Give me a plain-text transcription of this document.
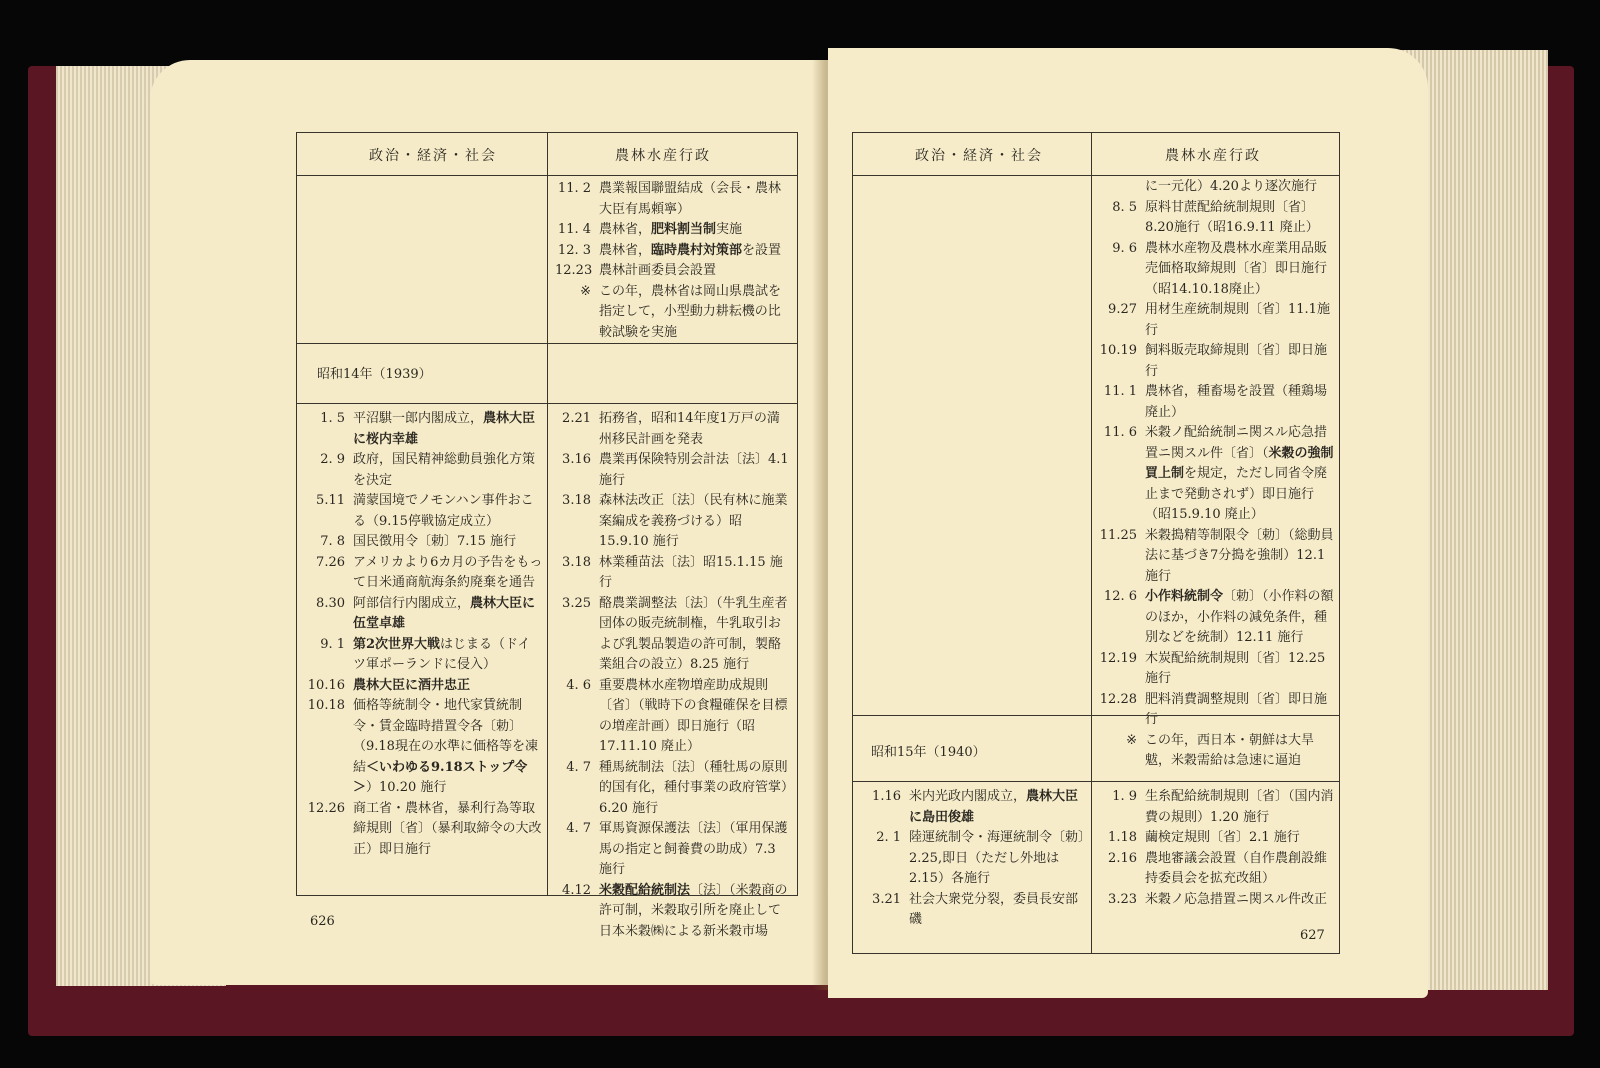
政治・経済・社会	農林水産行政

11. 2 農業報国聯盟結成（会長・農林大臣有馬頼寧）
11. 4 農林省，肥料割当制実施
12. 3 農林省，臨時農村対策部を設置
12.23 農林計画委員会設置
※ この年，農林省は岡山県農試を指定して，小型動力耕耘機の比較試験を実施
昭和14年（1939）
1. 5 平沼騏一郎内閣成立，農林大臣に桜内幸雄
2. 9 政府，国民精神総動員強化方策を決定
5.11 満蒙国境でノモンハン事件おこる（9.15停戦協定成立）
7. 8 国民徴用令〔勅〕7.15 施行
7.26 アメリカより6カ月の予告をもって日米通商航海条約廃棄を通告
8.30 阿部信行内閣成立，農林大臣に伍堂卓雄
9. 1 第2次世界大戦はじまる（ドイツ軍ポーランドに侵入）
10.16 農林大臣に酒井忠正
10.18 価格等統制令・地代家賃統制令・賃金臨時措置令各〔勅〕（9.18現在の水準に価格等を凍結＜いわゆる9.18ストップ令＞）10.20 施行
12.26 商工省・農林省，暴利行為等取締規則〔省〕（暴利取締令の大改正）即日施行
2.21 拓務省，昭和14年度1万戸の満州移民計画を発表
3.16 農業再保険特別会計法〔法〕4.1 施行
3.18 森林法改正〔法〕（民有林に施業案編成を義務づける）昭15.9.10 施行
3.18 林業種苗法〔法〕昭15.1.15 施行
3.25 酪農業調整法〔法〕（牛乳生産者団体の販売統制権，牛乳取引および乳製品製造の許可制，製酪業組合の設立）8.25 施行
4. 6 重要農林水産物増産助成規則〔省〕（戦時下の食糧確保を目標の増産計画）即日施行（昭17.11.10 廃止）
4. 7 種馬統制法〔法〕（種牡馬の原則的国有化，種付事業の政府管掌）6.20 施行
4. 7 軍馬資源保護法〔法〕（軍用保護馬の指定と飼養費の助成）7.3 施行
4.12 米穀配給統制法〔法〕（米穀商の許可制，米穀取引所を廃止して日本米穀㈱による新米穀市場
626
政治・経済・社会	農林水産行政
に一元化）4.20より逐次施行
8. 5 原料甘蔗配給統制規則〔省〕8.20施行（昭16.9.11 廃止）
9. 6 農林水産物及農林水産業用品販売価格取締規則〔省〕即日施行（昭14.10.18廃止）
9.27 用材生産統制規則〔省〕11.1施行
10.19 飼料販売取締規則〔省〕即日施行
11. 1 農林省，種畜場を設置（種鶏場廃止）
11. 6 米穀ノ配給統制ニ関スル応急措置ニ関スル件〔省〕（米穀の強制買上制を規定，ただし同省令廃止まで発動されず）即日施行（昭15.9.10 廃止）
11.25 米穀搗精等制限令〔勅〕（総動員法に基づき7分搗を強制）12.1 施行
12. 6 小作料統制令〔勅〕（小作料の額のほか，小作料の減免条件，種別などを統制）12.11 施行
12.19 木炭配給統制規則〔省〕12.25施行
12.28 肥料消費調整規則〔省〕即日施行
※ この年，西日本・朝鮮は大旱魃，米穀需給は急速に逼迫
昭和15年（1940）
1.16 米内光政内閣成立，農林大臣に島田俊雄
2. 1 陸運統制令・海運統制令〔勅〕2.25,即日（ただし外地は2.15）各施行
3.21 社会大衆党分裂，委員長安部磯
1. 9 生糸配給統制規則〔省〕（国内消費の規則）1.20 施行
1.18 繭検定規則〔省〕2.1 施行
2.16 農地審議会設置（自作農創設維持委員会を拡充改組）
3.23 米穀ノ応急措置ニ関スル件改正
627
